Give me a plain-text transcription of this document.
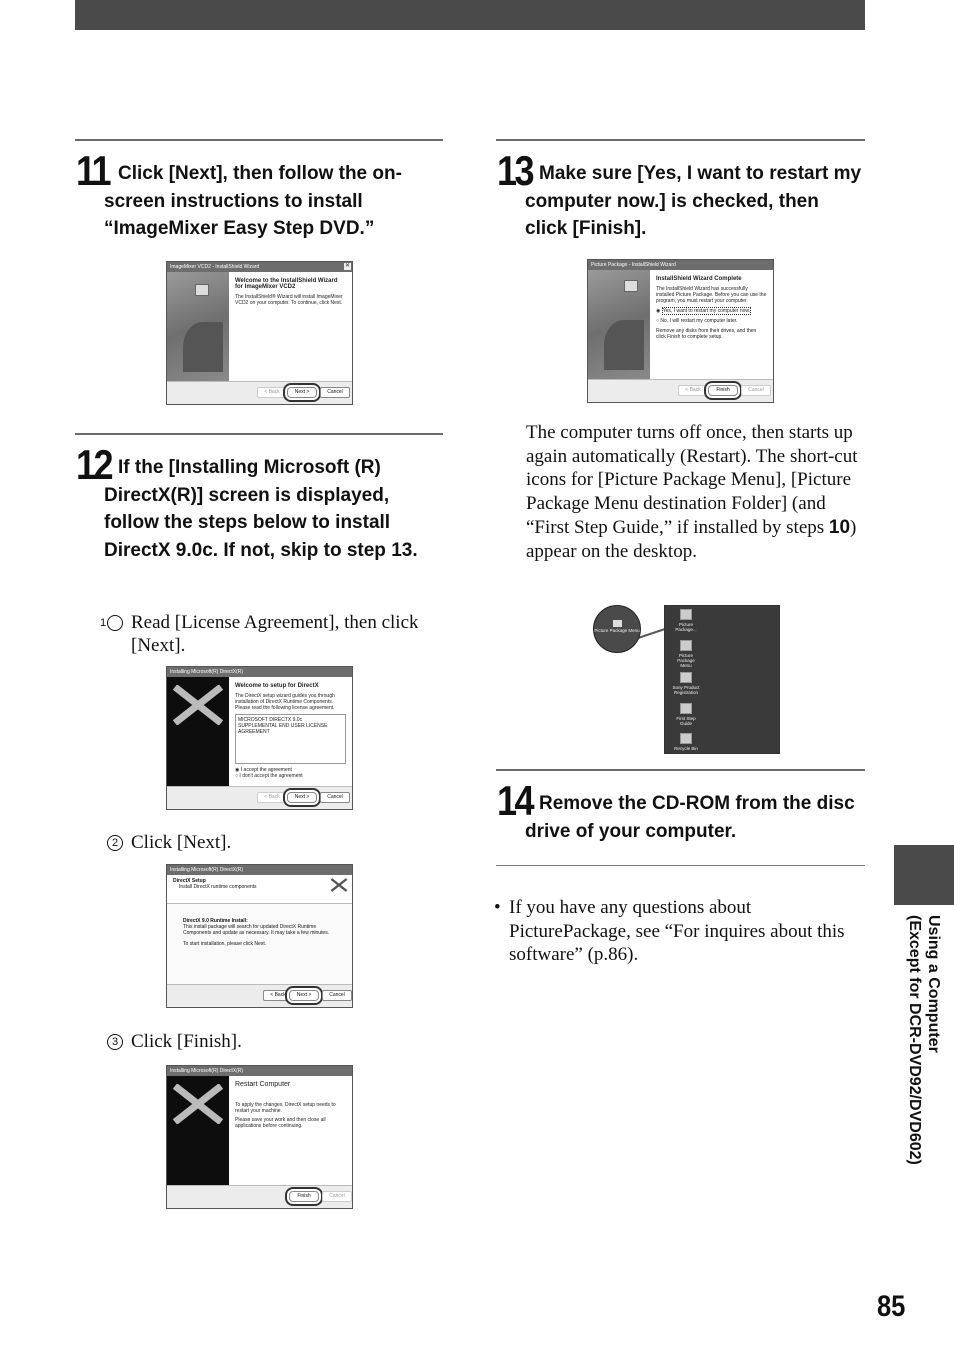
11 Click [Next], then follow the on-screen instructions to install “ImageMixer Easy Step DVD.”
ImageMixer VCD2 - InstallShield Wizard	✕
Welcome to the InstallShield Wizard for ImageMixer VCD2
The InstallShield® Wizard will install ImageMixer VCD2 on your computer. To continue, click Next.
< Back	Next >	Cancel
12 If the [Installing Microsoft (R) DirectX(R)] screen is displayed, follow the steps below to install DirectX 9.0c. If not, skip to step 13.
1 Read [License Agreement], then click [Next].
Installing Microsoft(R) DirectX(R)
Welcome to setup for DirectX
The DirectX setup wizard guides you through installation of DirectX Runtime Components. Please read the following license agreement.
MICROSOFT DIRECTX 9.0c SUPPLEMENTAL END USER LICENSE AGREEMENT
◉ I accept the agreement
○ I don't accept the agreement
< Back	Next >	Cancel
2 Click [Next].
Installing Microsoft(R) DirectX(R)
DirectX Setup
Install DirectX runtime components
DirectX 9.0 Runtime Install:
This install package will search for updated DirectX Runtime Components and update as necessary. It may take a few minutes.
To start installation, please click Next.
< Back	Next >	Cancel
3 Click [Finish].
Installing Microsoft(R) DirectX(R)
Restart Computer
To apply the changes, DirectX setup needs to restart your machine.
Please save your work and then close all applications before continuing.
Finish	Cancel
13 Make sure [Yes, I want to restart my computer now.] is checked, then click [Finish].
Picture Package - InstallShield Wizard
InstallShield Wizard Complete
The InstallShield Wizard has successfully installed Picture Package. Before you can use the program, you must restart your computer.
◉ Yes, I want to restart my computer now.
○ No, I will restart my computer later.
Remove any disks from their drives, and then click Finish to complete setup.
< Back	Finish	Cancel
The computer turns off once, then starts up again automatically (Restart). The short-cut icons for [Picture Package Menu], [Picture Package Menu destination Folder] (and “First Step Guide,” if installed by steps 10) appear on the desktop.
Picture Package Menu
Picture Package...
Picture Package Menu
Sony Product Registration
First Step Guide
Recycle Bin
14 Remove the CD-ROM from the disc drive of your computer.
• If you have any questions about PicturePackage, see “For inquires about this software” (p.86).	Using a Computer
(Except for DCR-DVD92/DVD602)
85
